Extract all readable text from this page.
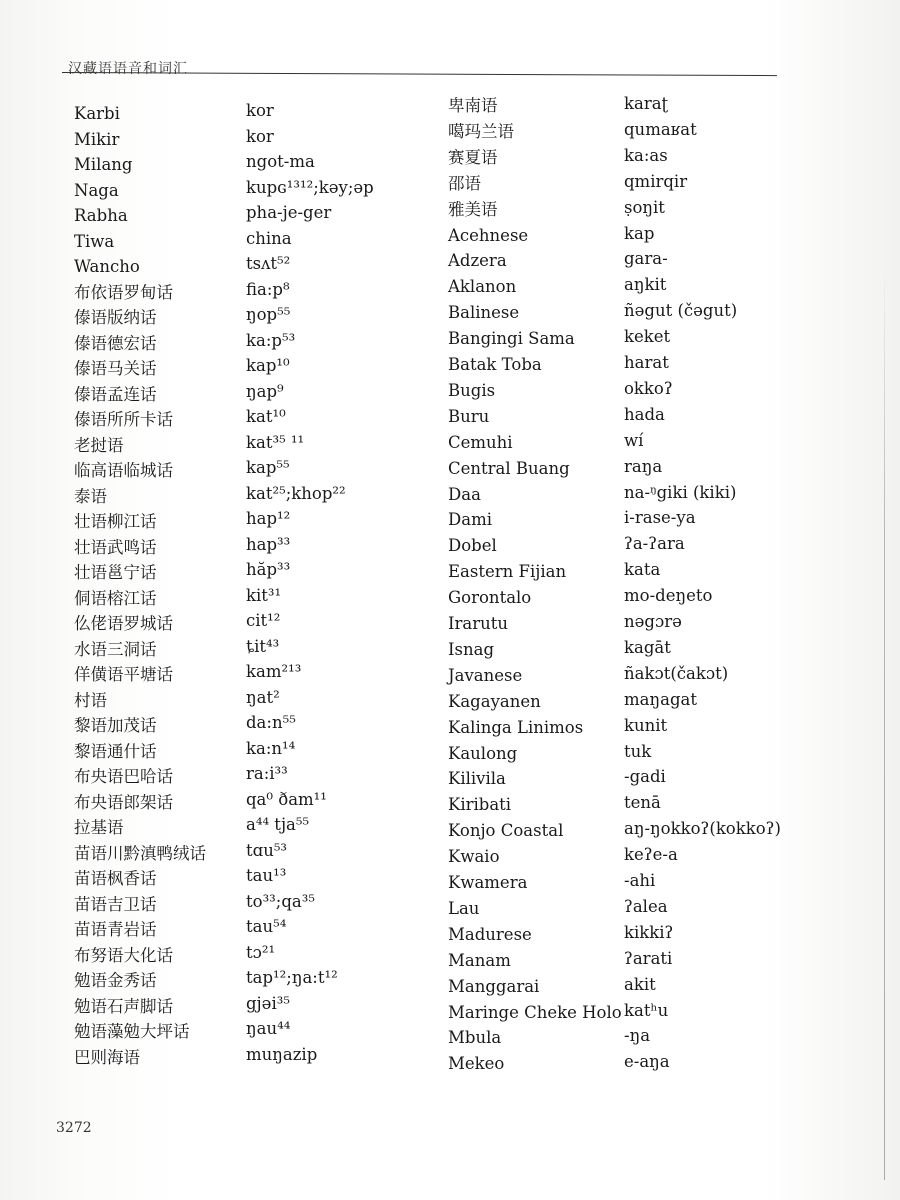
汉藏语语音和词汇
Karbi
Mikir
Milang
Naga
Rabha
Tiwa
Wancho
布依语罗甸话
傣语版纳话
傣语德宏话
傣语马关话
傣语孟连话
傣语所所卡话
老挝语
临高语临城话
泰语
壮语柳江话
壮语武鸣话
壮语邕宁话
侗语榕江话
仫佬语罗城话
水语三洞话
佯僙语平塘话
村语
黎语加茂话
黎语通什话
布央语巴哈话
布央语郎架话
拉基语
苗语川黔滇鸭绒话
苗语枫香话
苗语吉卫话
苗语青岩话
布努语大化话
勉语金秀话
勉语石声脚话
勉语藻勉大坪话
巴则海语
kor
kor
ngot-ma
kupɢ¹³¹²;kəy;əp
pha-je-ger
china
tsʌt⁵²
fia:p⁸
ŋop⁵⁵
ka:p⁵³
kap¹⁰
ŋap⁹
kat¹⁰
kat³⁵ ¹¹
kap⁵⁵
kat²⁵;khop²²
hap¹²
hap³³
hăp³³
kit³¹
cit¹²
ȶit⁴³
kam²¹³
ŋat²
da:n⁵⁵
ka:n¹⁴
ra:i³³
qa⁰ ðam¹¹
a⁴⁴ tja⁵⁵
tɑu⁵³
tau¹³
to³³;qa³⁵
tau⁵⁴
tɔ²¹
tap¹²;ŋa:t¹²
gjəi³⁵
ŋau⁴⁴
muŋazip
卑南语
噶玛兰语
赛夏语
邵语
雅美语
Acehnese
Adzera
Aklanon
Balinese
Bangingi Sama
Batak Toba
Bugis
Buru
Cemuhi
Central Buang
Daa
Dami
Dobel
Eastern Fijian
Gorontalo
Irarutu
Isnag
Javanese
Kagayanen
Kalinga Linimos
Kaulong
Kilivila
Kiribati
Konjo Coastal
Kwaio
Kwamera
Lau
Madurese
Manam
Manggarai
Maringe Cheke Holo
Mbula
Mekeo
karaʈ
qumaʁat
ka:as
qmirqir
ṣoŋit
kap
gara-
aŋkit
ñəgut (čəgut)
keket
harat
okkoʔ
hada
wí
raŋa
na-ᵑgiki (kiki)
i-rase-ya
ʔa-ʔara
kata
mo-deŋeto
nəgɔrə
kagāt
ñakɔt(čakɔt)
maŋagat
kunit
tuk
-gadi
tenā
aŋ-ŋokkoʔ(kokkoʔ)
keʔe-a
-ahi
ʔalea
kikkiʔ
ʔarati
akit
katʰu
-ŋa
e-aŋa
3272
